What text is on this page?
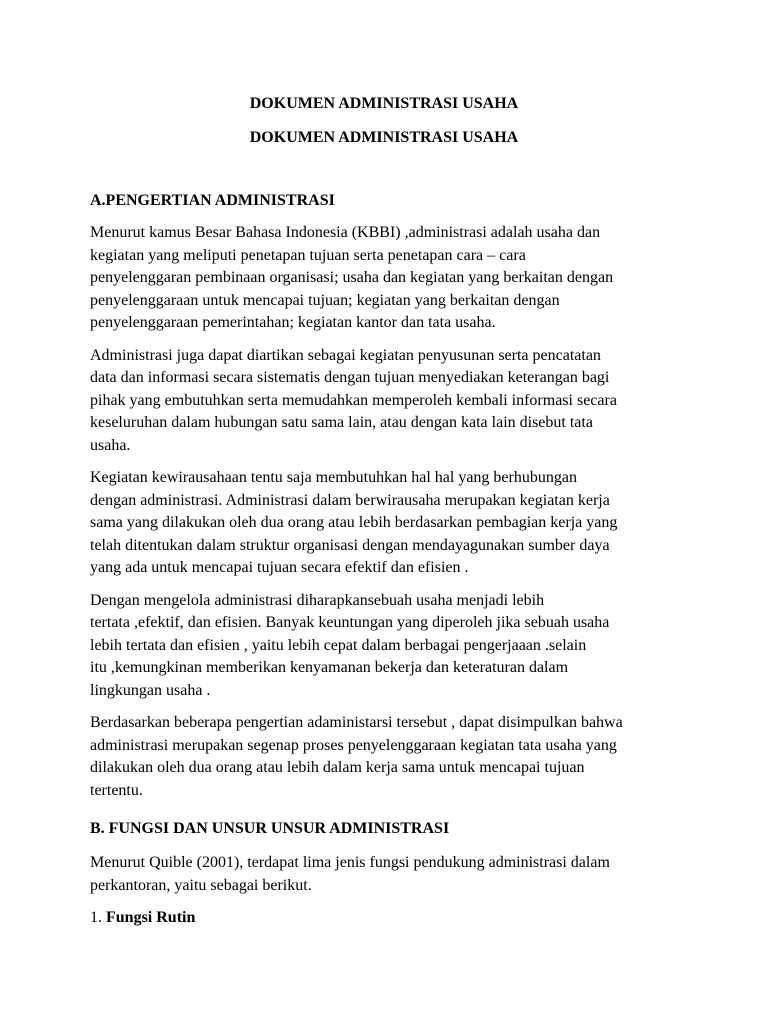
DOKUMEN ADMINISTRASI USAHA

DOKUMEN ADMINISTRASI USAHA

A.PENGERTIAN ADMINISTRASI

Menurut kamus Besar Bahasa Indonesia (KBBI) ,administrasi adalah usaha dan
kegiatan yang meliputi penetapan tujuan serta penetapan cara – cara
penyelenggaran pembinaan organisasi; usaha dan kegiatan yang berkaitan dengan
penyelenggaraan untuk mencapai tujuan; kegiatan yang berkaitan dengan
penyelenggaraan pemerintahan; kegiatan kantor dan tata usaha.

Administrasi juga dapat diartikan sebagai kegiatan penyusunan serta pencatatan
data dan informasi secara sistematis dengan tujuan menyediakan keterangan bagi
pihak yang embutuhkan serta memudahkan memperoleh kembali informasi secara
keseluruhan dalam hubungan satu sama lain, atau dengan kata lain disebut tata
usaha.

Kegiatan kewirausahaan tentu saja membutuhkan hal hal yang berhubungan
dengan administrasi. Administrasi dalam berwirausaha merupakan kegiatan kerja
sama yang dilakukan oleh dua orang atau lebih berdasarkan pembagian kerja yang
telah ditentukan dalam struktur organisasi dengan mendayagunakan sumber daya
yang ada untuk mencapai tujuan secara efektif dan efisien .

Dengan mengelola administrasi diharapkansebuah usaha menjadi lebih
tertata ,efektif, dan efisien. Banyak keuntungan yang diperoleh jika sebuah usaha
lebih tertata dan efisien , yaitu lebih cepat dalam berbagai pengerjaaan .selain
itu ,kemungkinan memberikan kenyamanan bekerja dan keteraturan dalam
lingkungan usaha .

Berdasarkan beberapa pengertian adaministarsi tersebut , dapat disimpulkan bahwa
administrasi merupakan segenap proses penyelenggaraan kegiatan tata usaha yang
dilakukan oleh dua orang atau lebih dalam kerja sama untuk mencapai tujuan
tertentu.

B. FUNGSI DAN UNSUR UNSUR ADMINISTRASI

Menurut Quible (2001), terdapat lima jenis fungsi pendukung administrasi dalam
perkantoran, yaitu sebagai berikut.

1. Fungsi Rutin
